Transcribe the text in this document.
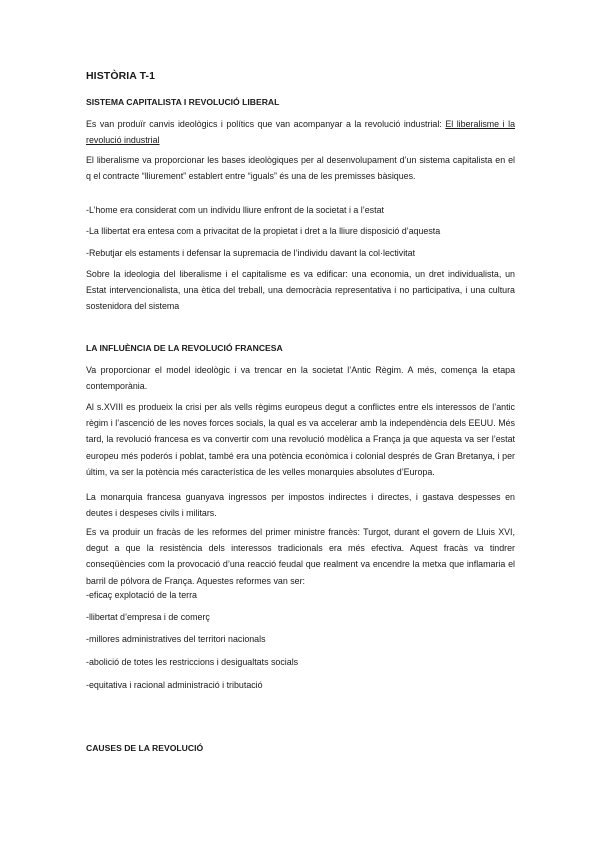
HISTÒRIA T-1
SISTEMA CAPITALISTA I REVOLUCIÓ LIBERAL
Es van produïr canvis ideològics i polítics que van acompanyar a la revolució industrial: El liberalisme i la revolució industrial
El liberalisme va proporcionar les bases ideològiques per al desenvolupament d’un sistema capitalista en el q el contracte “lliurement” establert entre “iguals” és una de les premisses bàsiques.
-L’home era considerat com un individu lliure enfront de la societat i a l’estat
-La llibertat era entesa com a privacitat de la propietat i dret a la lliure disposició d’aquesta
-Rebutjar els estaments i defensar la supremacia de l’individu davant la col·lectivitat
Sobre la ideologia del liberalisme i el capitalisme es va edificar: una economia, un dret individualista, un Estat intervencionalista, una ètica del treball, una democràcia representativa i no participativa, i una cultura sostenidora del sistema
LA INFLUÈNCIA DE LA REVOLUCIÓ FRANCESA
Va proporcionar el model ideològic i va trencar en la societat l’Antic Règim. A més, comença la etapa contemporània.
Al s.XVIII es produeix la crisi per als vells règims europeus degut a conflictes entre els interessos de l’antic règim i l’ascenció de les noves forces socials, la qual es va accelerar amb la independència dels EEUU. Més tard, la revolució francesa es va convertir com una revolució modèlica a França ja que aquesta va ser l’estat europeu més poderós i poblat, també era una potència econòmica i colonial després de Gran Bretanya, i per últim, va ser la potència més característica de les velles monarquies absolutes d’Europa.
La monarquia francesa guanyava ingressos per impostos indirectes i directes, i gastava despesses en deutes i despeses civils i militars.
Es va produir un fracàs de les reformes del primer ministre francès: Turgot, durant el govern de Lluis XVI, degut a que la resistència dels interessos tradicionals era més efectiva. Aquest fracàs va tindrer conseqüències com la provocació d’una reacció feudal que realment va encendre la metxa que inflamaria el barril de pólvora de França. Aquestes reformes van ser:
-eficaç explotació de la terra
-llibertat d’empresa i de comerç
-millores administratives del territori nacionals
-abolició de totes les restriccions i desigualtats socials
-equitativa i racional administració i tributació
CAUSES DE LA REVOLUCIÓ
